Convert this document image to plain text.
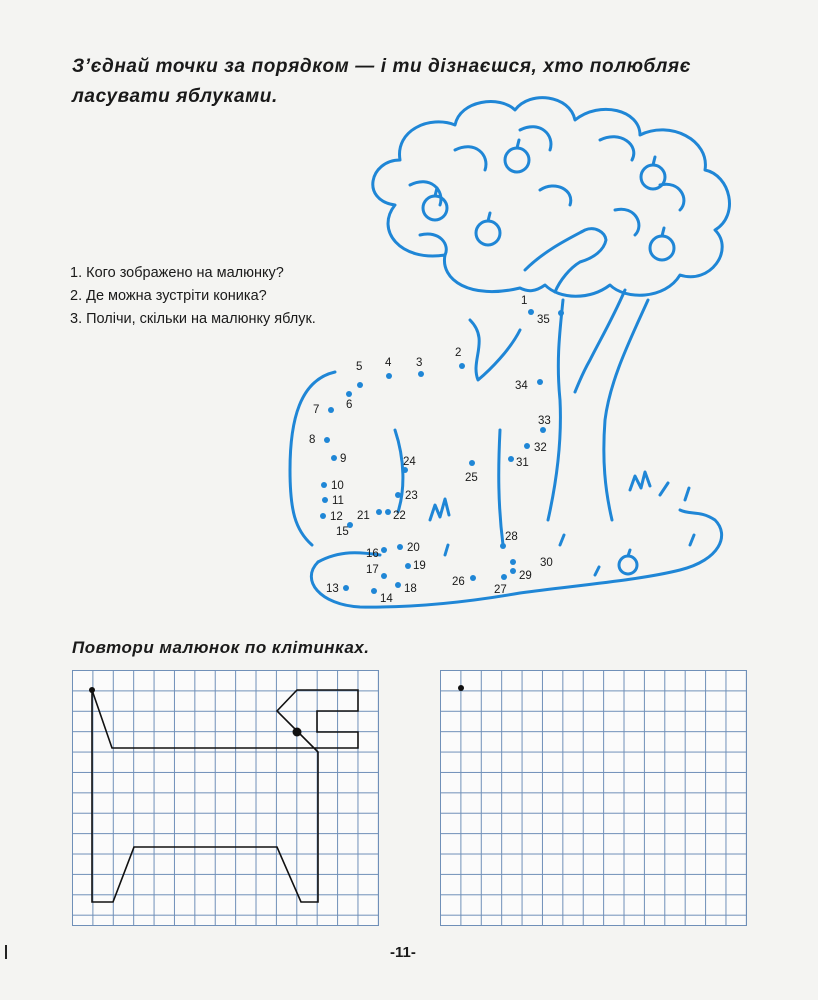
З’єднай точки за порядком — і ти дізнаєшся, хто полюбляє
ласувати яблуками.
1
2
3
4
5
6
7
8
9
10
11
12
13
14
15
16
17
18
19
20
21 22
23
24
25
26
27
28
29
30
31
32
33
34
35
1. Кого зображено на малюнку?
2. Де можна зустріти коника?
3. Полічи, скільки на малюнку яблук.
Повтори малюнок по клітинках.
-11-
